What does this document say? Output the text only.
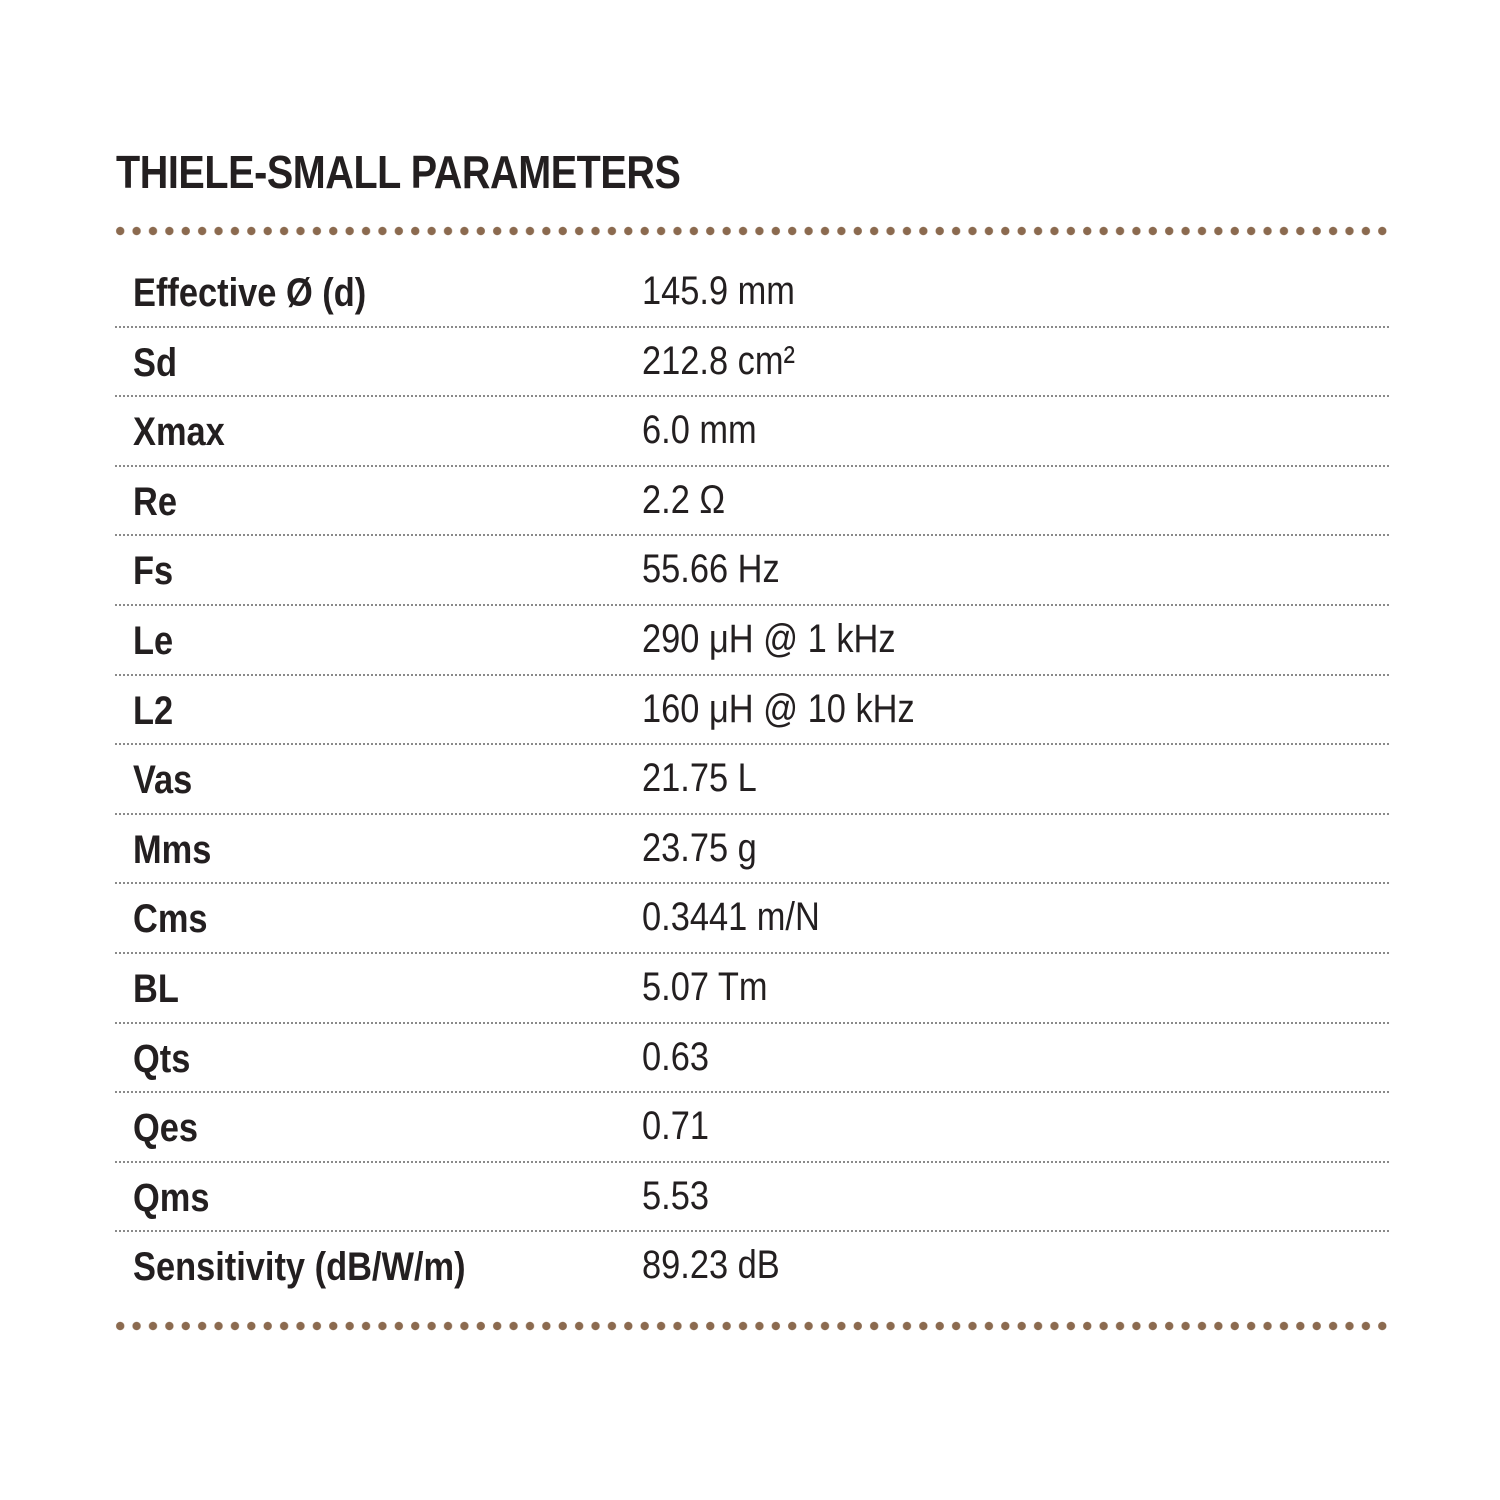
THIELE-SMALL PARAMETERS
Effective Ø (d)	145.9 mm
Sd	212.8 cm²
Xmax	6.0 mm
Re	2.2 Ω
Fs	55.66 Hz
Le	290 μH @ 1 kHz
L2	160 μH @ 10 kHz
Vas	21.75 L
Mms	23.75 g
Cms	0.3441 m/N
BL	5.07 Tm
Qts	0.63
Qes	0.71
Qms	5.53
Sensitivity (dB/W/m)	89.23 dB
